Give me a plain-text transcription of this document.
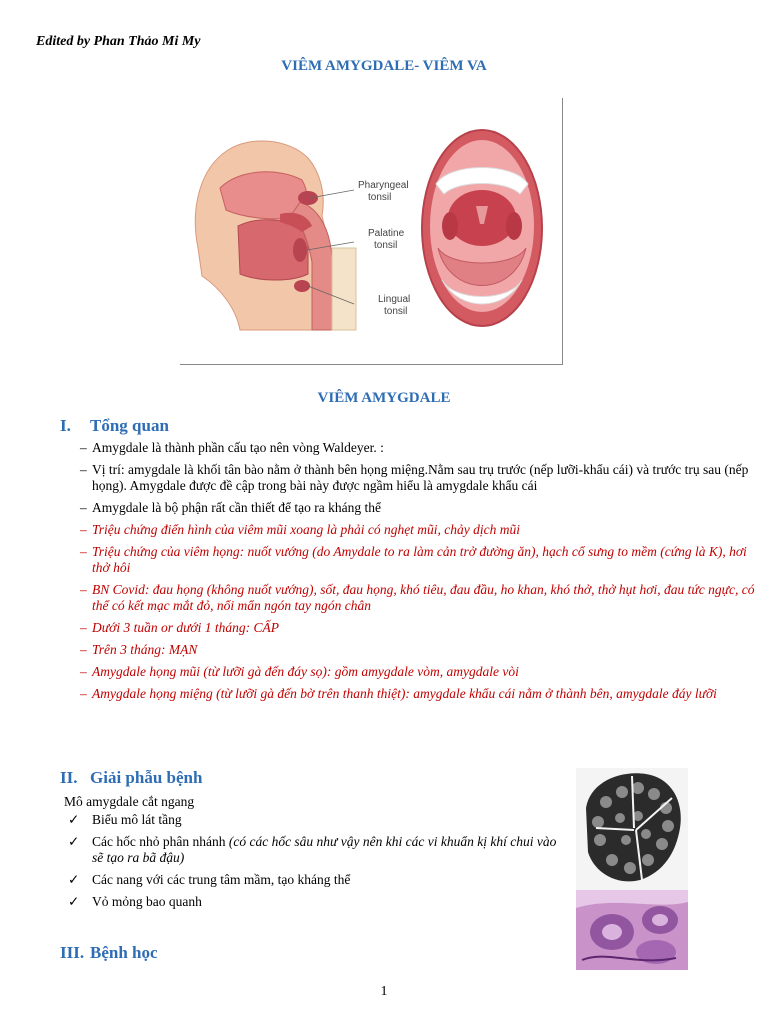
Edited by Phan Thảo Mi My
VIÊM AMYGDALE- VIÊM VA
Pharyngeal tonsil
Palatine tonsil
Lingual tonsil
VIÊM AMYGDALE
I. Tổng quan
– Amygdale là thành phần cấu tạo nên vòng Waldeyer. :
– Vị trí: amygdale là khối tân bào nằm ở thành bên họng miệng.Nằm sau trụ trước (nếp lưỡi-khẩu cái) và trước trụ sau (nếp họng). Amygdale được đề cập trong bài này được ngầm hiểu là amygdale khẩu cái
– Amygdale là bộ phận rất cần thiết để tạo ra kháng thể
– Triệu chứng điển hình của viêm mũi xoang là phải có nghẹt mũi, chảy dịch mũi
– Triệu chứng của viêm họng: nuốt vướng (do Amydale to ra làm cản trở đường ăn), hạch cổ sưng to mềm (cứng là K), hơi thở hôi
– BN Covid: đau họng (không nuốt vướng), sốt, đau họng, khó tiêu, đau đầu, ho khan, khó thở, thở hụt hơi, đau tức ngực, có thể có kết mạc mắt đỏ, nổi mẩn ngón tay ngón chân
– Dưới 3 tuần or dưới 1 tháng: CẤP
– Trên 3 tháng: MẠN
– Amygdale họng mũi (từ lưỡi gà đến đáy sọ): gồm amygdale vòm, amygdale vòi
– Amygdale họng miệng (từ lưỡi gà đến bờ trên thanh thiệt): amygdale khẩu cái nằm ở thành bên, amygdale đáy lưỡi
II. Giải phẫu bệnh
Mô amygdale cắt ngang
✓ Biểu mô lát tầng
✓ Các hốc nhỏ phân nhánh (có các hốc sâu như vậy nên khi các vi khuẩn kị khí chui vào sẽ tạo ra bã đậu)
✓ Các nang với các trung tâm mầm, tạo kháng thể
✓ Vỏ mỏng bao quanh
III. Bệnh học
1
